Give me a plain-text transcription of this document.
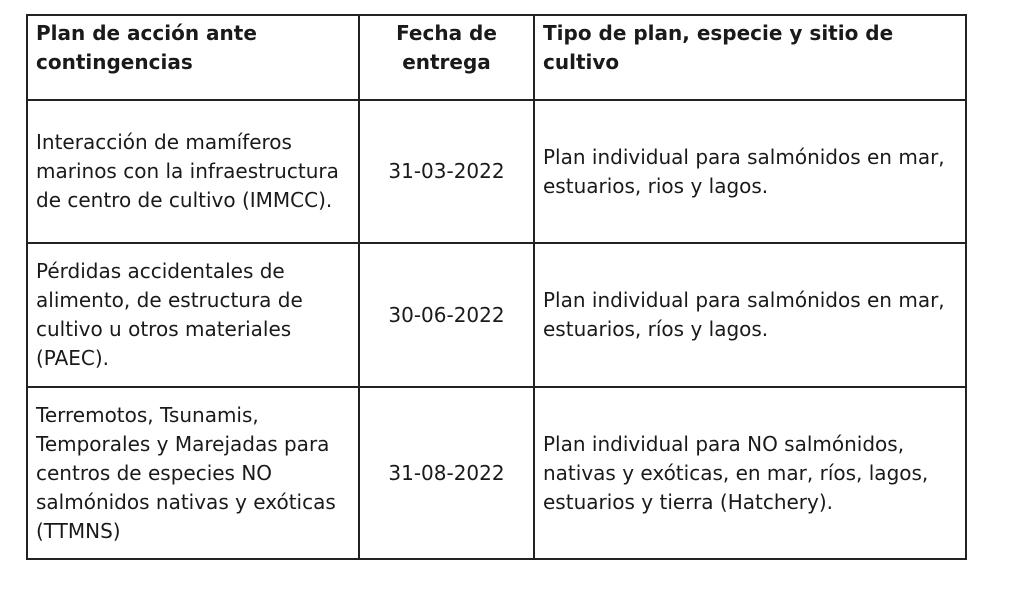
Plan de acción ante contingencias	Fecha de entrega	Tipo de plan, especie y sitio de cultivo

Interacción de mamíferos marinos con la infraestructura de centro de cultivo (IMMCC).	31-03-2022	Plan individual para salmónidos en mar, estuarios, rios y lagos.

Pérdidas accidentales de alimento, de estructura de cultivo u otros materiales (PAEC).	30-06-2022	Plan individual para salmónidos en mar, estuarios, ríos y lagos.

Terremotos, Tsunamis, Temporales y Marejadas para centros de especies NO salmónidos nativas y exóticas (TTMNS)	31-08-2022	Plan individual para NO salmónidos, nativas y exóticas, en mar, ríos, lagos, estuarios y tierra (Hatchery).
